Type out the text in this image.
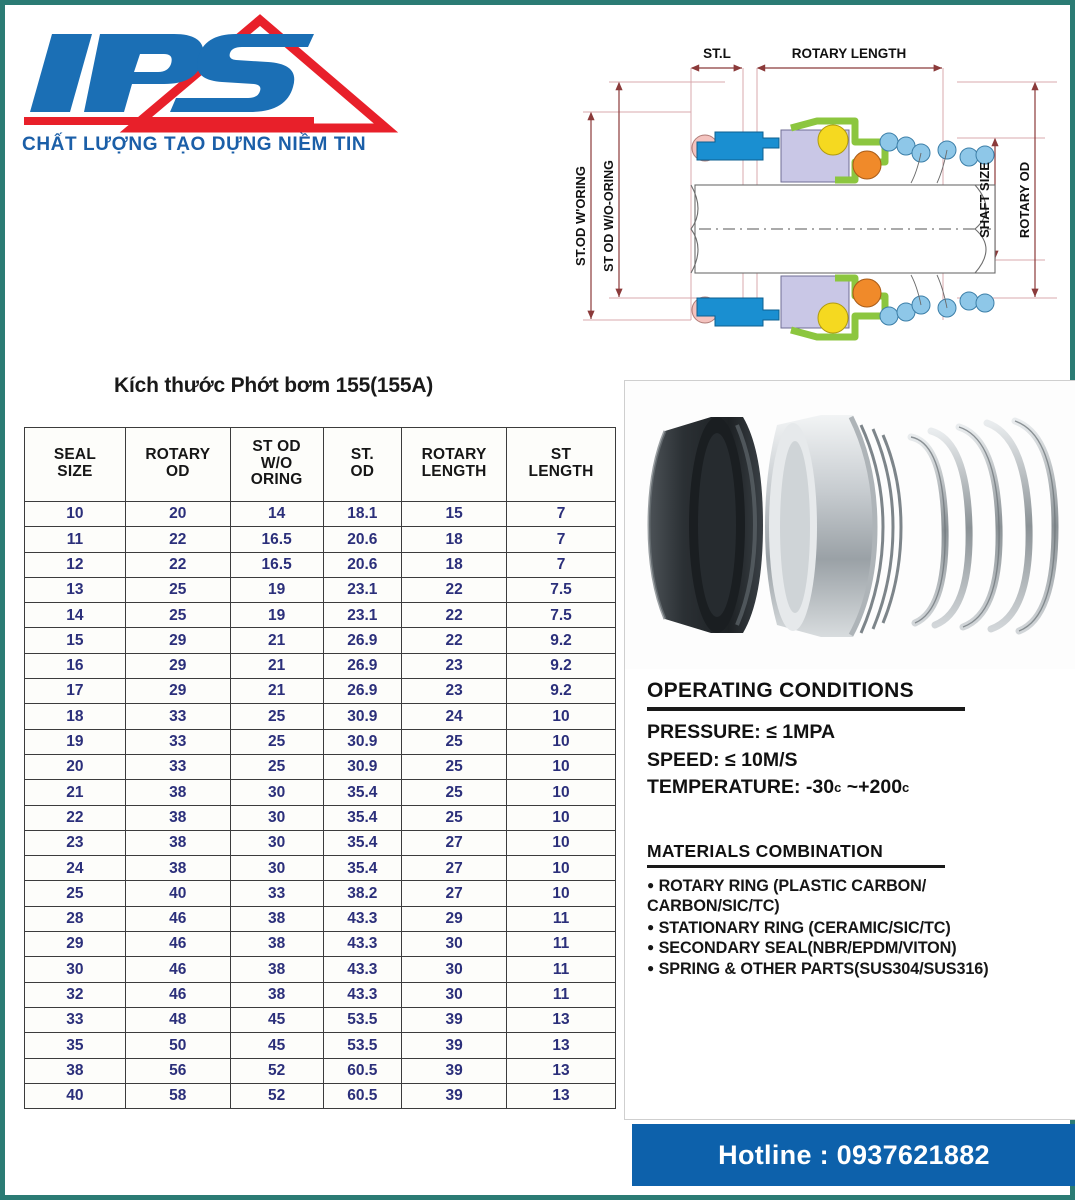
CHẤT LƯỢNG TẠO DỰNG NIỀM TIN
ST.L	ROTARY LENGTH
ST.OD W'ORING ST OD W/O-ORING	SHAFT SIZE ROTARY OD
Kích thước Phớt bơm 155(155A)
SEAL
SIZE

ROTARY
OD

ST OD
W/O
ORING

ST.
OD

ROTARY
LENGTH

ST
LENGTH

10	20	14	18.1	15	7
11	22	16.5	20.6	18	7
12	22	16.5	20.6	18	7
13	25	19	23.1	22	7.5
14	25	19	23.1	22	7.5
15	29	21	26.9	22	9.2
16	29	21	26.9	23	9.2
17	29	21	26.9	23	9.2
18	33	25	30.9	24	10
19	33	25	30.9	25	10
20	33	25	30.9	25	10
21	38	30	35.4	25	10
22	38	30	35.4	25	10
23	38	30	35.4	27	10
24	38	30	35.4	27	10
25	40	33	38.2	27	10
28	46	38	43.3	29	11
29	46	38	43.3	30	11
30	46	38	43.3	30	11
32	46	38	43.3	30	11
33	48	45	53.5	39	13
35	50	45	53.5	39	13
38	56	52	60.5	39	13
40	58	52	60.5	39	13
OPERATING CONDITIONS
PRESSURE: ≤ 1MPA
SPEED: ≤ 10M/S
TEMPERATURE: -30c ~+200c
MATERIALS COMBINATION
● ROTARY RING (PLASTIC CARBON/
CARBON/SIC/TC)
● STATIONARY RING (CERAMIC/SIC/TC)
● SECONDARY SEAL(NBR/EPDM/VITON)
● SPRING & OTHER PARTS(SUS304/SUS316)
Hotline : 0937621882
